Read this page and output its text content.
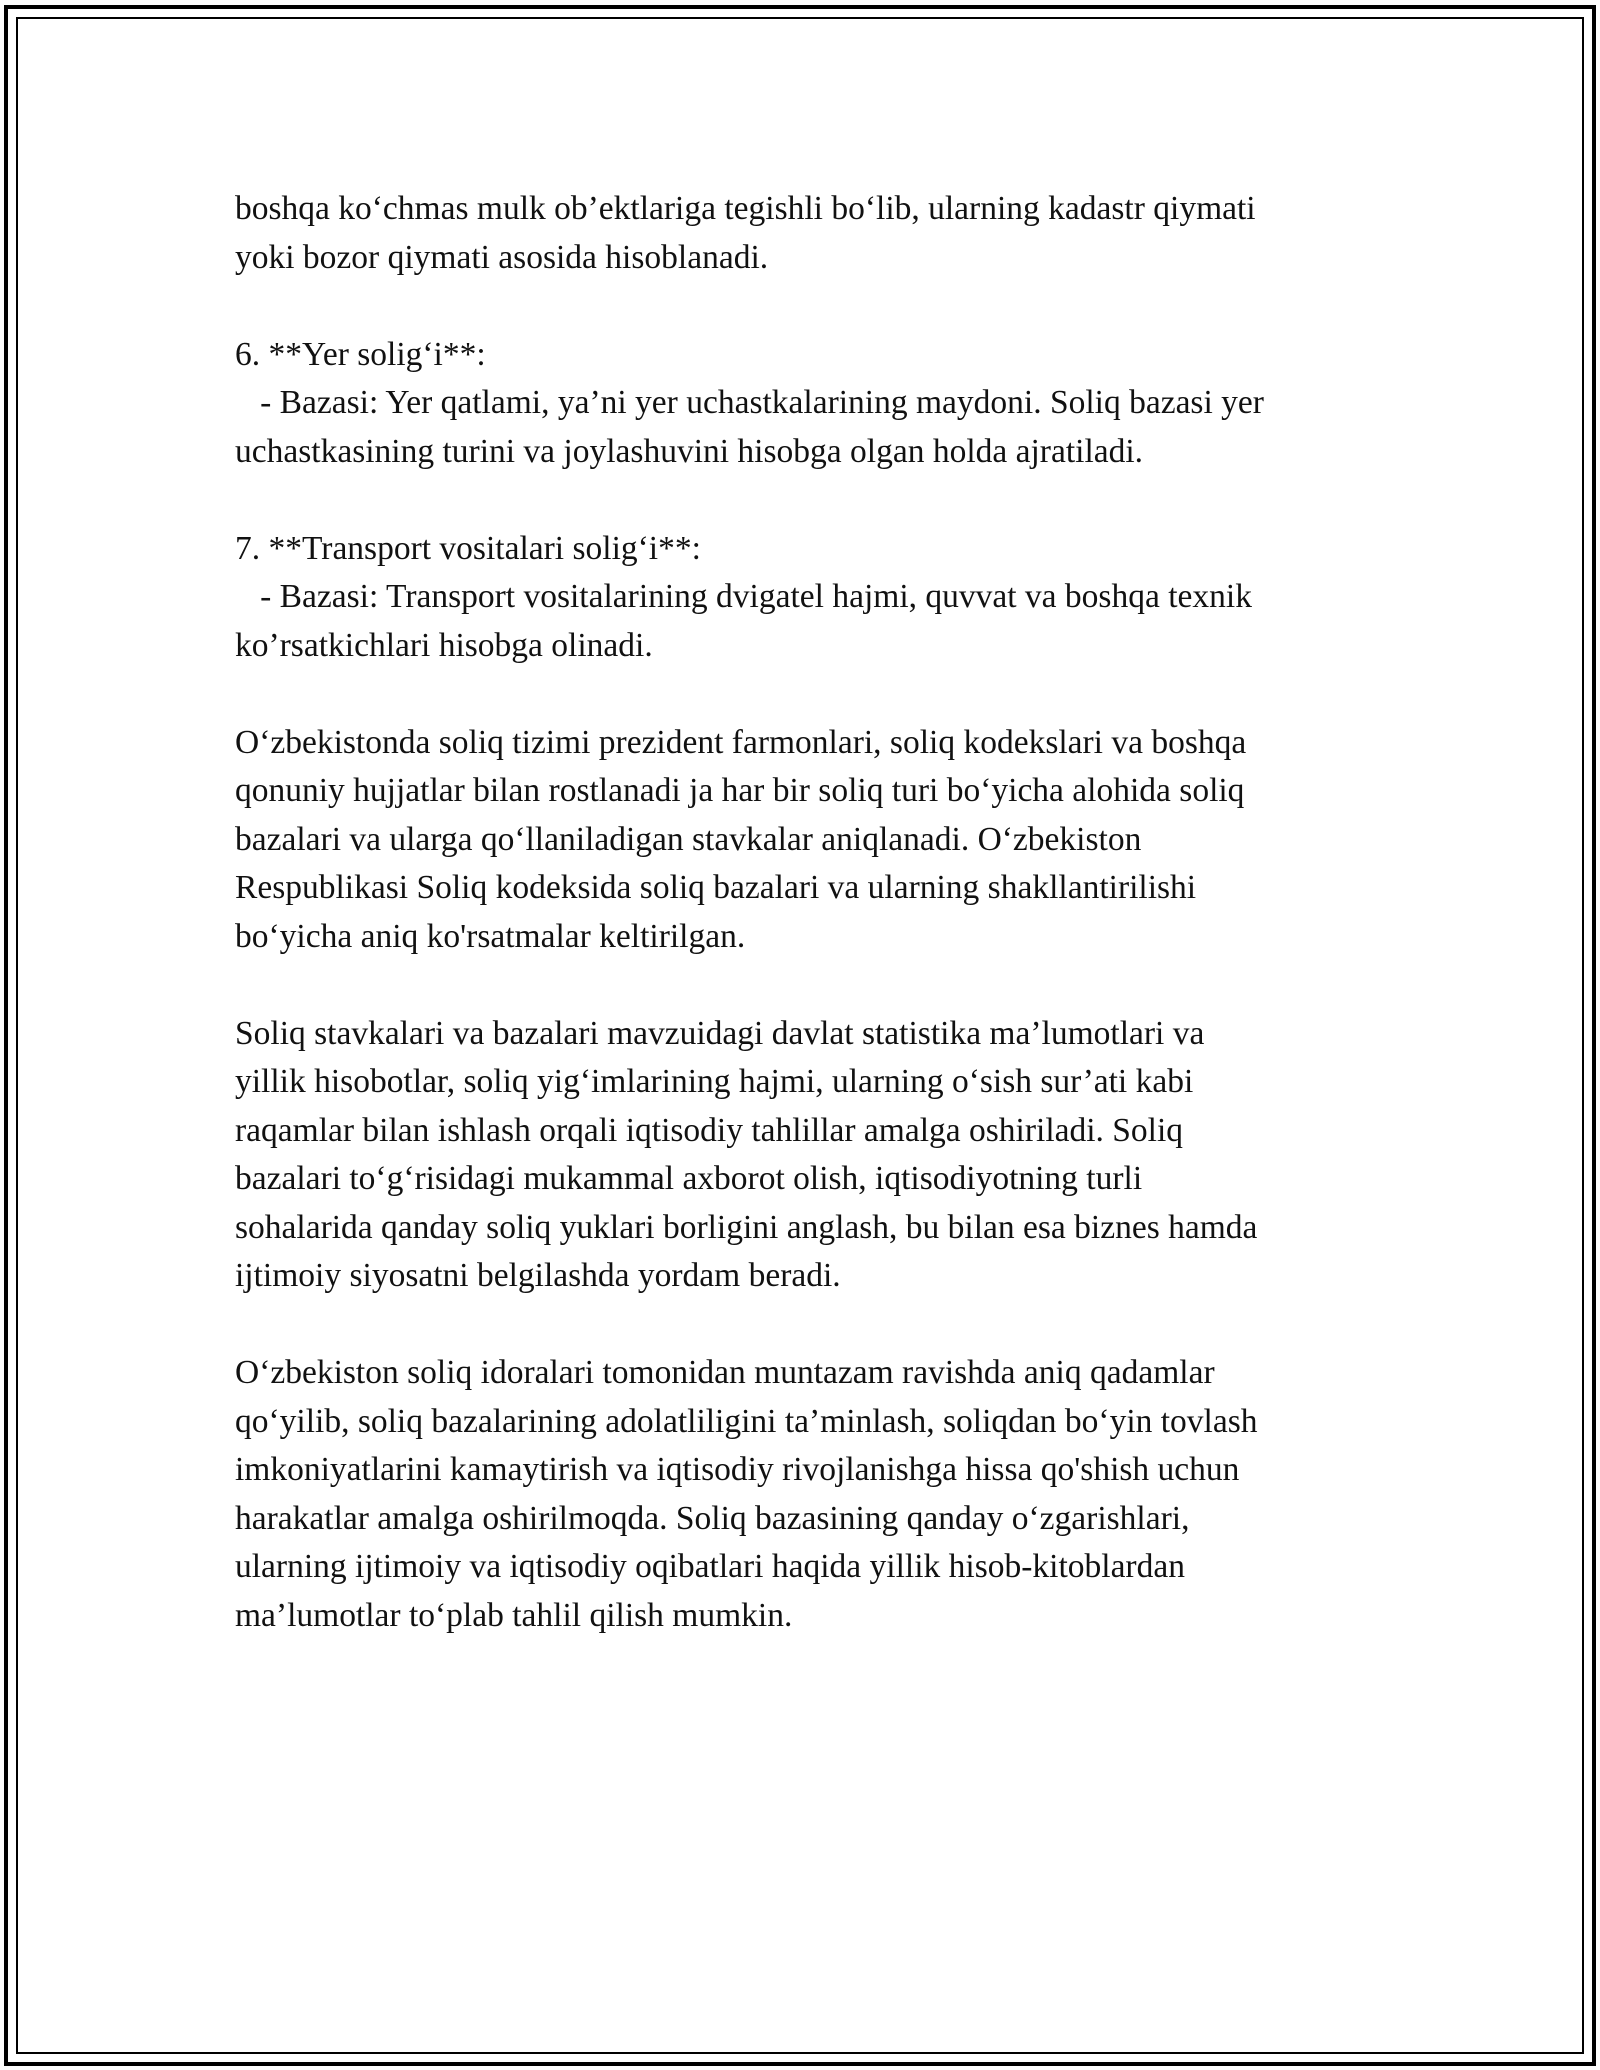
boshqa ko‘chmas mulk ob’ektlariga tegishli bo‘lib, ularning kadastr qiymati
yoki bozor qiymati asosida hisoblanadi.

6. **Yer solig‘i**:
- Bazasi: Yer qatlami, ya’ni yer uchastkalarining maydoni. Soliq bazasi yer
uchastkasining turini va joylashuvini hisobga olgan holda ajratiladi.

7. **Transport vositalari solig‘i**:
- Bazasi: Transport vositalarining dvigatel hajmi, quvvat va boshqa texnik
ko’rsatkichlari hisobga olinadi.

O‘zbekistonda soliq tizimi prezident farmonlari, soliq kodekslari va boshqa
qonuniy hujjatlar bilan rostlanadi ja har bir soliq turi bo‘yicha alohida soliq
bazalari va ularga qo‘llaniladigan stavkalar aniqlanadi. O‘zbekiston
Respublikasi Soliq kodeksida soliq bazalari va ularning shakllantirilishi
bo‘yicha aniq ko'rsatmalar keltirilgan.

Soliq stavkalari va bazalari mavzuidagi davlat statistika ma’lumotlari va
yillik hisobotlar, soliq yig‘imlarining hajmi, ularning o‘sish sur’ati kabi
raqamlar bilan ishlash orqali iqtisodiy tahlillar amalga oshiriladi. Soliq
bazalari to‘g‘risidagi mukammal axborot olish, iqtisodiyotning turli
sohalarida qanday soliq yuklari borligini anglash, bu bilan esa biznes hamda
ijtimoiy siyosatni belgilashda yordam beradi.

O‘zbekiston soliq idoralari tomonidan muntazam ravishda aniq qadamlar
qo‘yilib, soliq bazalarining adolatliligini ta’minlash, soliqdan bo‘yin tovlash
imkoniyatlarini kamaytirish va iqtisodiy rivojlanishga hissa qo'shish uchun
harakatlar amalga oshirilmoqda. Soliq bazasining qanday o‘zgarishlari,
ularning ijtimoiy va iqtisodiy oqibatlari haqida yillik hisob-kitoblardan
ma’lumotlar to‘plab tahlil qilish mumkin.
